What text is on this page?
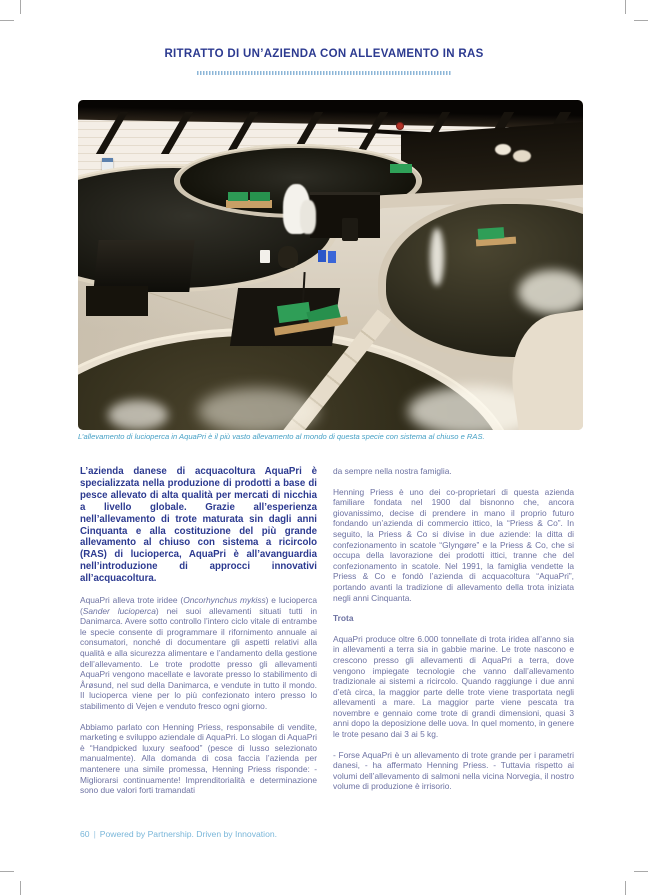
RITRATTO DI UN’AZIENDA CON ALLEVAMENTO IN RAS
L’allevamento di lucioperca in AquaPri è il più vasto allevamento al mondo di questa specie con sistema al chiuso e RAS.

L’azienda danese di acquacoltura AquaPri è specializzata nella produzione di prodotti a base di pesce allevato di alta qualità per mercati di nicchia a livello globale. Grazie all’esperienza nell’allevamento di trote maturata sin dagli anni Cinquanta e alla costituzione del più grande allevamento al chiuso con sistema a ricircolo (RAS) di lucioperca, AquaPri è all’avanguardia nell’introduzione di approcci innovativi all’acquacoltura.

AquaPri alleva trote iridee (Oncorhynchus mykiss) e lucioperca (Sander lucioperca) nei suoi allevamenti situati tutti in Danimarca. Avere sotto controllo l’intero ciclo vitale di entrambe le specie consente di programmare il rifornimento annuale ai consumatori, nonché di documentare gli aspetti relativi alla qualità e alla sicurezza alimentare e l’andamento della gestione dell’allevamento. Le trote prodotte presso gli allevamenti AquaPri vengono macellate e lavorate presso lo stabilimento di Årøsund, nel sud della Danimarca, e vendute in tutto il mondo. Il lucioperca viene per lo più confezionato intero presso lo stabilimento di Vejen e venduto fresco ogni giorno.

Abbiamo parlato con Henning Priess, responsabile di vendite, marketing e sviluppo aziendale di AquaPri. Lo slogan di AquaPri è “Handpicked luxury seafood” (pesce di lusso selezionato manualmente). Alla domanda di cosa faccia l’azienda per mantenere una simile promessa, Henning Priess risponde: - Migliorarsi continuamente! Imprenditorialità e determinazione sono due valori forti tramandati

da sempre nella nostra famiglia.

Henning Priess è uno dei co-proprietari di questa azienda familiare fondata nel 1900 dal bisnonno che, ancora giovanissimo, decise di prendere in mano il proprio futuro fondando un’azienda di commercio ittico, la “Priess & Co”. In seguito, la Priess & Co si divise in due aziende: la ditta di confezionamento in scatole “Glyngøre” e la Priess & Co, che si occupa della lavorazione dei prodotti ittici, tranne che del confezionamento in scatole. Nel 1991, la famiglia vendette la Priess & Co e fondò l’azienda di acquacoltura “AquaPri”, portando avanti la tradizione di allevamento della trota iniziata negli anni Cinquanta.

Trota

AquaPri produce oltre 6.000 tonnellate di trota iridea all’anno sia in allevamenti a terra sia in gabbie marine. Le trote nascono e crescono presso gli allevamenti di AquaPri a terra, dove vengono impiegate tecnologie che vanno dall’allevamento tradizionale ai sistemi a ricircolo. Quando raggiunge i due anni d’età circa, la maggior parte delle trote viene trasportata negli allevamenti a mare. La maggior parte viene pescata tra novembre e gennaio come trote di grandi dimensioni, quasi 3 anni dopo la deposizione delle uova. In quel momento, in genere le trote pesano dai 3 ai 5 kg.

- Forse AquaPri è un allevamento di trote grande per i parametri danesi, - ha affermato Henning Priess. - Tuttavia rispetto ai volumi dell’allevamento di salmoni nella vicina Norvegia, il nostro volume di produzione è irrisorio.

60 | Powered by Partnership. Driven by Innovation.
